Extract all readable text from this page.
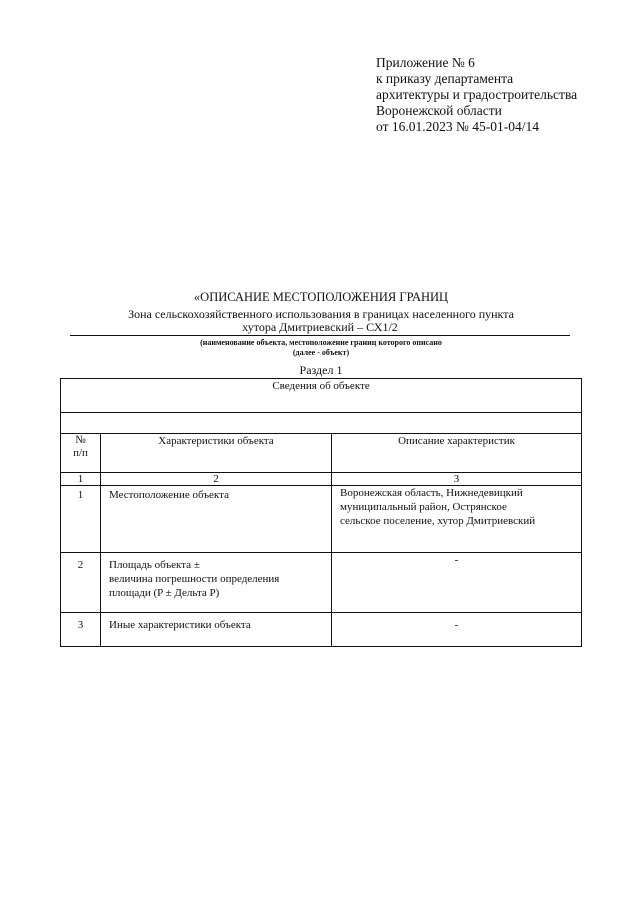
Приложение № 6
к приказу департамента
архитектуры и градостроительства
Воронежской области
от 16.01.2023 № 45-01-04/14
«ОПИСАНИЕ МЕСТОПОЛОЖЕНИЯ ГРАНИЦ
Зона сельскохозяйственного использования в границах населенного пункта
хутора Дмитриевский – СХ1/2
(наименование объекта, местоположение границ которого описано
(далее - объект)
Раздел 1
Сведения об объекте		

№
п/п	Характеристики объекта	Описание характеристик
1	2	3
1	Местоположение объекта	Воронежская область, Нижнедевицкий
муниципальный район, Острянское
сельское поселение, хутор Дмитриевский

2	Площадь объекта ±
величина погрешности определения
площади (P ± Дельта P)	-
3	Иные характеристики объекта	-
